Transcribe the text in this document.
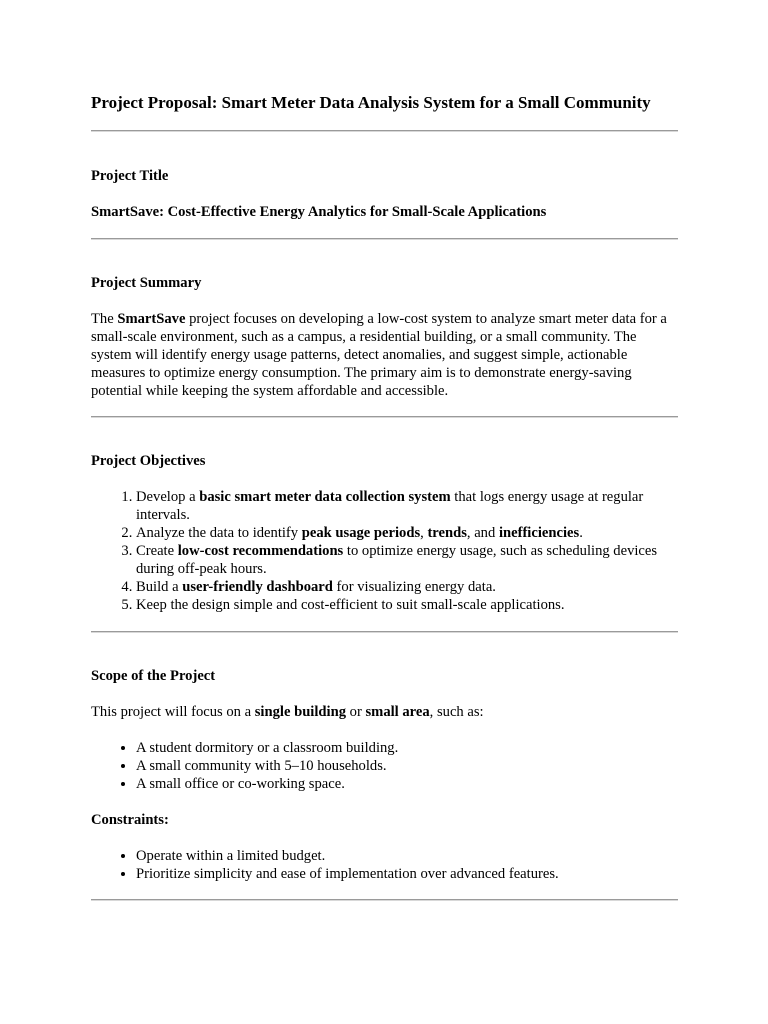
Project Proposal: Smart Meter Data Analysis System for a Small Community

Project Title

SmartSave: Cost-Effective Energy Analytics for Small-Scale Applications

Project Summary

The SmartSave project focuses on developing a low-cost system to analyze smart meter data for a small-scale environment, such as a campus, a residential building, or a small community. The system will identify energy usage patterns, detect anomalies, and suggest simple, actionable measures to optimize energy consumption. The primary aim is to demonstrate energy-saving potential while keeping the system affordable and accessible.

Project Objectives

1. Develop a basic smart meter data collection system that logs energy usage at regular intervals.
2. Analyze the data to identify peak usage periods, trends, and inefficiencies.
3. Create low-cost recommendations to optimize energy usage, such as scheduling devices during off-peak hours.
4. Build a user-friendly dashboard for visualizing energy data.
5. Keep the design simple and cost-efficient to suit small-scale applications.

Scope of the Project

This project will focus on a single building or small area, such as:

• A student dormitory or a classroom building.
• A small community with 5–10 households.
• A small office or co-working space.

Constraints:

• Operate within a limited budget.
• Prioritize simplicity and ease of implementation over advanced features.
